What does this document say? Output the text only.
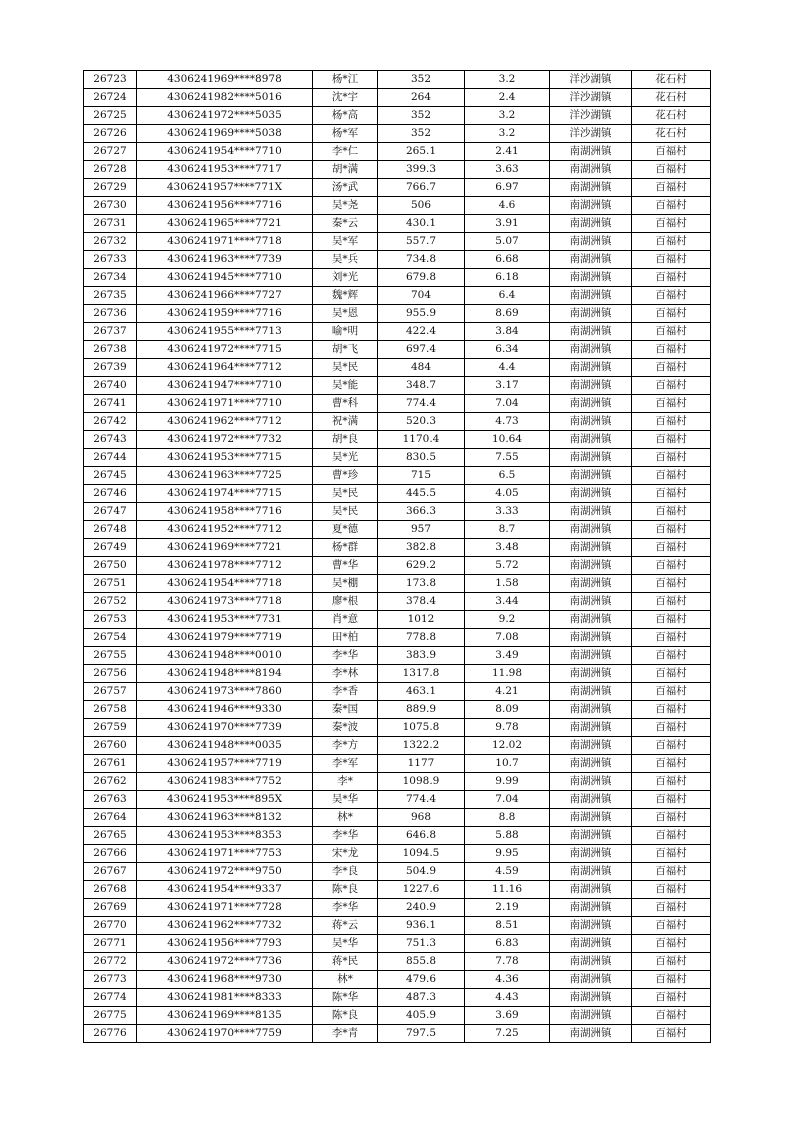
26723	4306241969****8978	杨*江	352	3.2	洋沙湖镇	花石村
26724	4306241982****5016	沈*宇	264	2.4	洋沙湖镇	花石村
26725	4306241972****5035	杨*高	352	3.2	洋沙湖镇	花石村
26726	4306241969****5038	杨*军	352	3.2	洋沙湖镇	花石村
26727	4306241954****7710	李*仁	265.1	2.41	南湖洲镇	百福村
26728	4306241953****7717	胡*满	399.3	3.63	南湖洲镇	百福村
26729	4306241957****771X	汤*武	766.7	6.97	南湖洲镇	百福村
26730	4306241956****7716	吴*尧	506	4.6	南湖洲镇	百福村
26731	4306241965****7721	秦*云	430.1	3.91	南湖洲镇	百福村
26732	4306241971****7718	吴*军	557.7	5.07	南湖洲镇	百福村
26733	4306241963****7739	吴*兵	734.8	6.68	南湖洲镇	百福村
26734	4306241945****7710	刘*光	679.8	6.18	南湖洲镇	百福村
26735	4306241966****7727	魏*辉	704	6.4	南湖洲镇	百福村
26736	4306241959****7716	吴*恩	955.9	8.69	南湖洲镇	百福村
26737	4306241955****7713	喻*明	422.4	3.84	南湖洲镇	百福村
26738	4306241972****7715	胡*飞	697.4	6.34	南湖洲镇	百福村
26739	4306241964****7712	吴*民	484	4.4	南湖洲镇	百福村
26740	4306241947****7710	吴*能	348.7	3.17	南湖洲镇	百福村
26741	4306241971****7710	曹*科	774.4	7.04	南湖洲镇	百福村
26742	4306241962****7712	祝*满	520.3	4.73	南湖洲镇	百福村
26743	4306241972****7732	胡*良	1170.4	10.64	南湖洲镇	百福村
26744	4306241953****7715	吴*光	830.5	7.55	南湖洲镇	百福村
26745	4306241963****7725	曹*珍	715	6.5	南湖洲镇	百福村
26746	4306241974****7715	吴*民	445.5	4.05	南湖洲镇	百福村
26747	4306241958****7716	吴*民	366.3	3.33	南湖洲镇	百福村
26748	4306241952****7712	夏*德	957	8.7	南湖洲镇	百福村
26749	4306241969****7721	杨*群	382.8	3.48	南湖洲镇	百福村
26750	4306241978****7712	曹*华	629.2	5.72	南湖洲镇	百福村
26751	4306241954****7718	吴*棚	173.8	1.58	南湖洲镇	百福村
26752	4306241973****7718	廖*根	378.4	3.44	南湖洲镇	百福村
26753	4306241953****7731	肖*意	1012	9.2	南湖洲镇	百福村
26754	4306241979****7719	田*柏	778.8	7.08	南湖洲镇	百福村
26755	4306241948****0010	李*华	383.9	3.49	南湖洲镇	百福村
26756	4306241948****8194	李*林	1317.8	11.98	南湖洲镇	百福村
26757	4306241973****7860	李*香	463.1	4.21	南湖洲镇	百福村
26758	4306241946****9330	秦*国	889.9	8.09	南湖洲镇	百福村
26759	4306241970****7739	秦*波	1075.8	9.78	南湖洲镇	百福村
26760	4306241948****0035	李*方	1322.2	12.02	南湖洲镇	百福村
26761	4306241957****7719	李*军	1177	10.7	南湖洲镇	百福村
26762	4306241983****7752	李*	1098.9	9.99	南湖洲镇	百福村
26763	4306241953****895X	吴*华	774.4	7.04	南湖洲镇	百福村
26764	4306241963****8132	林*	968	8.8	南湖洲镇	百福村
26765	4306241953****8353	李*华	646.8	5.88	南湖洲镇	百福村
26766	4306241971****7753	宋*龙	1094.5	9.95	南湖洲镇	百福村
26767	4306241972****9750	李*良	504.9	4.59	南湖洲镇	百福村
26768	4306241954****9337	陈*良	1227.6	11.16	南湖洲镇	百福村
26769	4306241971****7728	李*华	240.9	2.19	南湖洲镇	百福村
26770	4306241962****7732	蒋*云	936.1	8.51	南湖洲镇	百福村
26771	4306241956****7793	吴*华	751.3	6.83	南湖洲镇	百福村
26772	4306241972****7736	蒋*民	855.8	7.78	南湖洲镇	百福村
26773	4306241968****9730	林*	479.6	4.36	南湖洲镇	百福村
26774	4306241981****8333	陈*华	487.3	4.43	南湖洲镇	百福村
26775	4306241969****8135	陈*良	405.9	3.69	南湖洲镇	百福村
26776	4306241970****7759	李*青	797.5	7.25	南湖洲镇	百福村
